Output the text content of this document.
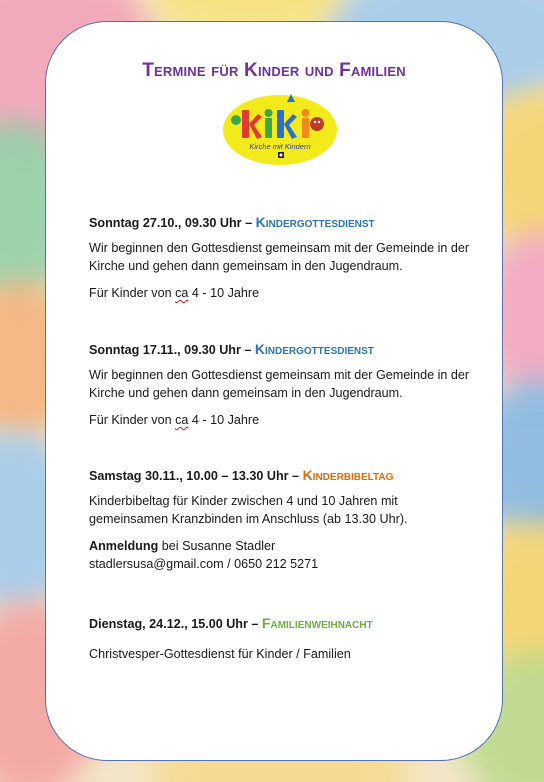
Termine für Kinder und Familien
Kirche mit Kindern
Sonntag 27.10., 09.30 Uhr – Kindergottesdienst

Wir beginnen den Gottesdienst gemeinsam mit der Gemeinde in der Kirche und gehen dann gemeinsam in den Jugendraum.

Für Kinder von ca 4 - 10 Jahre

Sonntag 17.11., 09.30 Uhr – Kindergottesdienst

Wir beginnen den Gottesdienst gemeinsam mit der Gemeinde in der Kirche und gehen dann gemeinsam in den Jugendraum.

Für Kinder von ca 4 - 10 Jahre

Samstag 30.11., 10.00 – 13.30 Uhr – Kinderbibeltag

Kinderbibeltag für Kinder zwischen 4 und 10 Jahren mit gemeinsamen Kranzbinden im Anschluss (ab 13.30 Uhr).

Anmeldung bei Susanne Stadler
stadlersusa@gmail.com / 0650 212 5271

Dienstag, 24.12., 15.00 Uhr – Familienweihnacht

Christvesper-Gottesdienst für Kinder / Familien
